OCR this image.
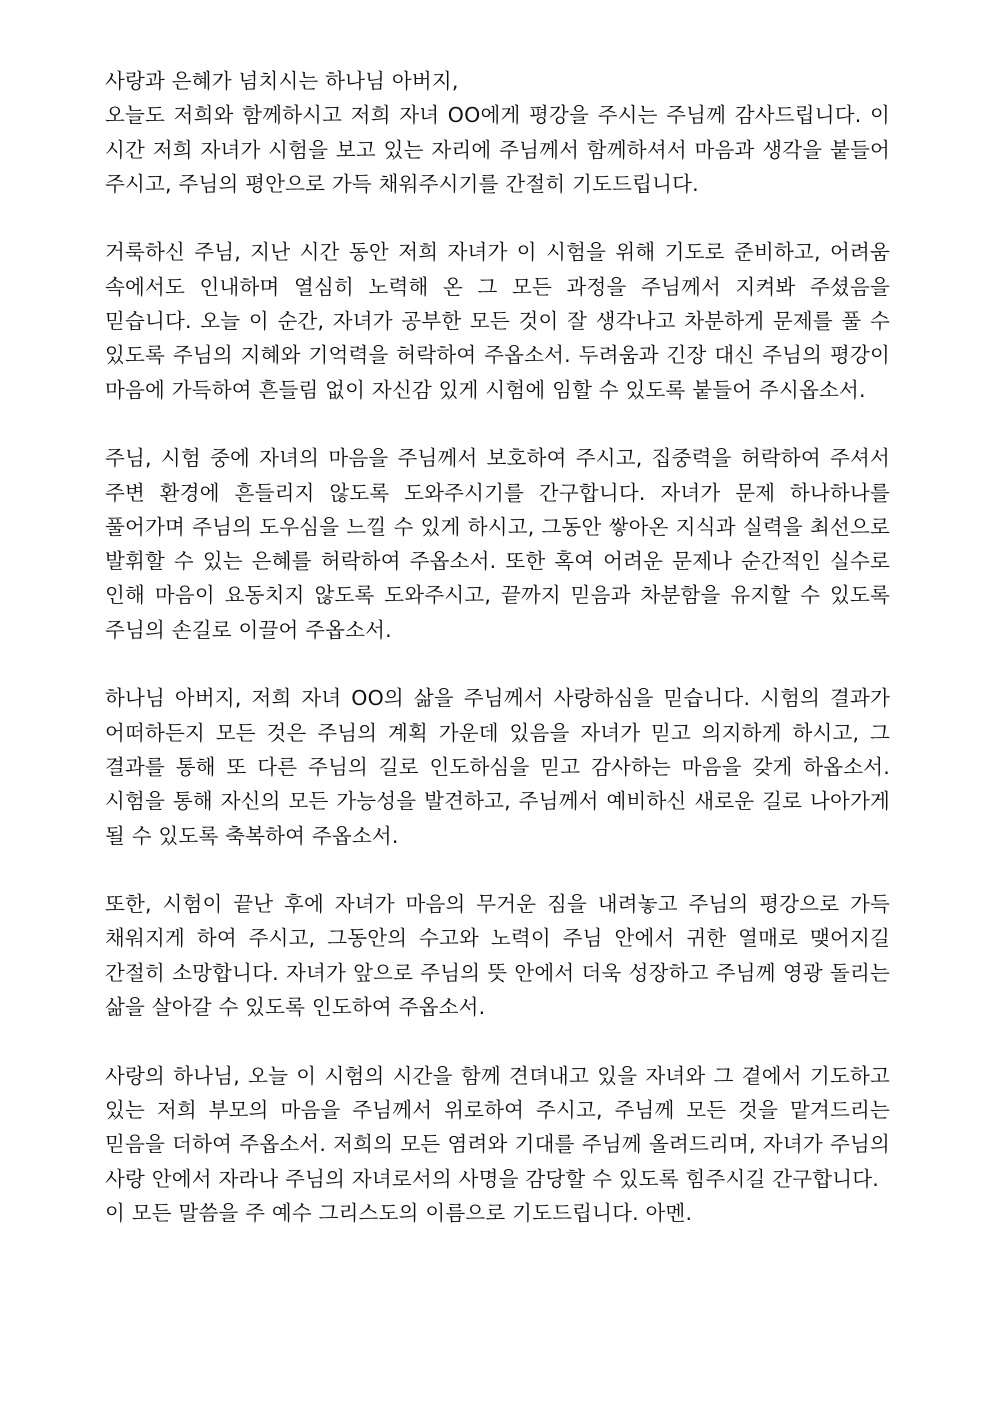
사랑과 은혜가 넘치시는 하나님 아버지,
오늘도 저희와 함께하시고 저희 자녀 OO에게 평강을 주시는 주님께 감사드립니다. 이 시간 저희 자녀가 시험을 보고 있는 자리에 주님께서 함께하셔서 마음과 생각을 붙들어 주시고, 주님의 평안으로 가득 채워주시기를 간절히 기도드립니다.
거룩하신 주님, 지난 시간 동안 저희 자녀가 이 시험을 위해 기도로 준비하고, 어려움 속에서도 인내하며 열심히 노력해 온 그 모든 과정을 주님께서 지켜봐 주셨음을 믿습니다. 오늘 이 순간, 자녀가 공부한 모든 것이 잘 생각나고 차분하게 문제를 풀 수 있도록 주님의 지혜와 기억력을 허락하여 주옵소서. 두려움과 긴장 대신 주님의 평강이 마음에 가득하여 흔들림 없이 자신감 있게 시험에 임할 수 있도록 붙들어 주시옵소서.
주님, 시험 중에 자녀의 마음을 주님께서 보호하여 주시고, 집중력을 허락하여 주셔서 주변 환경에 흔들리지 않도록 도와주시기를 간구합니다. 자녀가 문제 하나하나를 풀어가며 주님의 도우심을 느낄 수 있게 하시고, 그동안 쌓아온 지식과 실력을 최선으로 발휘할 수 있는 은혜를 허락하여 주옵소서. 또한 혹여 어려운 문제나 순간적인 실수로 인해 마음이 요동치지 않도록 도와주시고, 끝까지 믿음과 차분함을 유지할 수 있도록 주님의 손길로 이끌어 주옵소서.
하나님 아버지, 저희 자녀 OO의 삶을 주님께서 사랑하심을 믿습니다. 시험의 결과가 어떠하든지 모든 것은 주님의 계획 가운데 있음을 자녀가 믿고 의지하게 하시고, 그 결과를 통해 또 다른 주님의 길로 인도하심을 믿고 감사하는 마음을 갖게 하옵소서. 시험을 통해 자신의 모든 가능성을 발견하고, 주님께서 예비하신 새로운 길로 나아가게 될 수 있도록 축복하여 주옵소서.
또한, 시험이 끝난 후에 자녀가 마음의 무거운 짐을 내려놓고 주님의 평강으로 가득 채워지게 하여 주시고, 그동안의 수고와 노력이 주님 안에서 귀한 열매로 맺어지길 간절히 소망합니다. 자녀가 앞으로 주님의 뜻 안에서 더욱 성장하고 주님께 영광 돌리는 삶을 살아갈 수 있도록 인도하여 주옵소서.
사랑의 하나님, 오늘 이 시험의 시간을 함께 견뎌내고 있을 자녀와 그 곁에서 기도하고 있는 저희 부모의 마음을 주님께서 위로하여 주시고, 주님께 모든 것을 맡겨드리는 믿음을 더하여 주옵소서. 저희의 모든 염려와 기대를 주님께 올려드리며, 자녀가 주님의 사랑 안에서 자라나 주님의 자녀로서의 사명을 감당할 수 있도록 힘주시길 간구합니다.
이 모든 말씀을 주 예수 그리스도의 이름으로 기도드립니다. 아멘.
